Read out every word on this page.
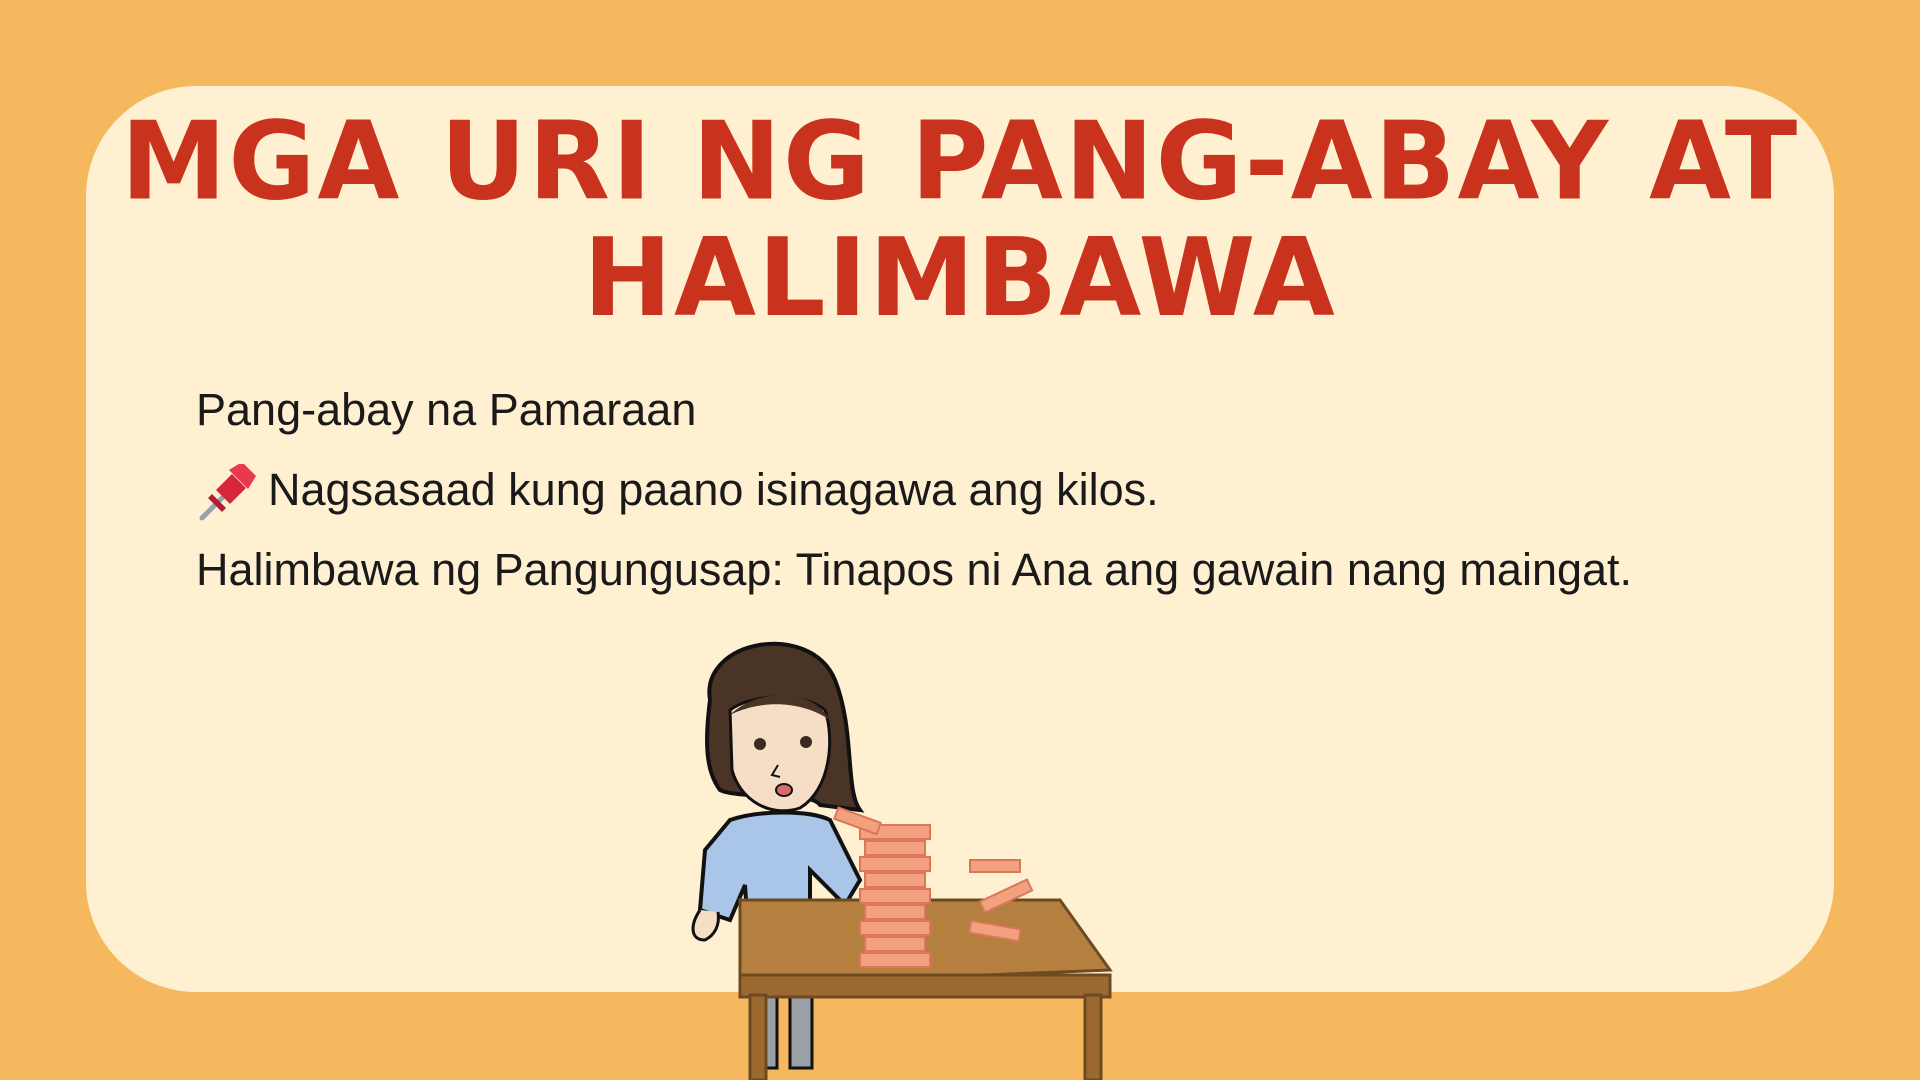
MGA URI NG PANG-ABAY AT
HALIMBAWA
Pang-abay na Pamaraan
Nagsasaad kung paano isinagawa ang kilos.
Halimbawa ng Pangungusap: Tinapos ni Ana ang gawain nang maingat.
